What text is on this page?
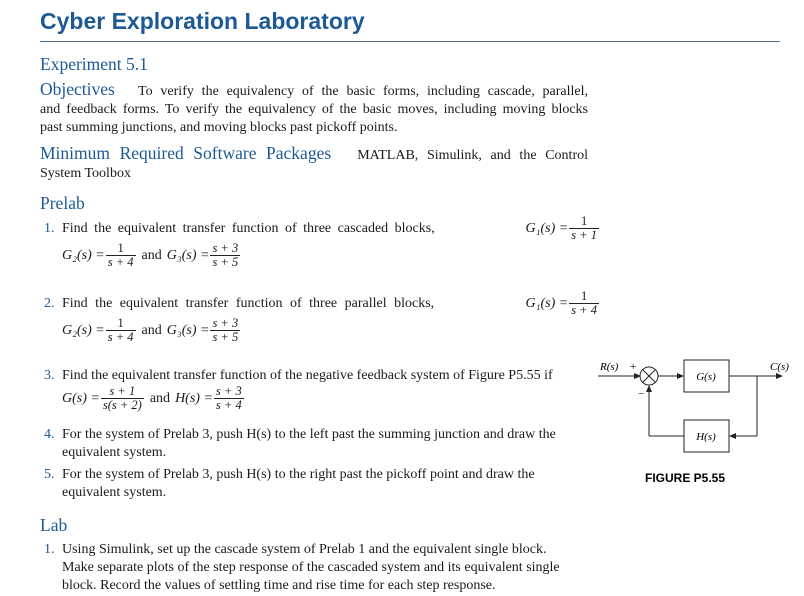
Cyber Exploration Laboratory
Experiment 5.1
Objectives To verify the equivalency of the basic forms, including cascade, parallel,
and feedback forms. To verify the equivalency of the basic moves, including moving blocks
past summing junctions, and moving blocks past pickoff points.
Minimum Required Software Packages MATLAB, Simulink, and the Control
System Toolbox
Prelab
1. Find the equivalent transfer function of three cascaded blocks,	$G_1(s) = \frac{1}{s + 1}$
$G_2(s) = \frac{1}{s + 4}$ and $G_3(s) = \frac{s + 3}{s + 5}$
2. Find the equivalent transfer function of three parallel blocks,	$G_1(s) = \frac{1}{s + 4}$
$G_2(s) = \frac{1}{s + 4}$ and $G_3(s) = \frac{s + 3}{s + 5}$
3. Find the equivalent transfer function of the negative feedback system of Figure P5.55 if
$G(s) = \frac{s + 1}{s(s + 2)}$ and $H(s) = \frac{s + 3}{s + 4}$
4. For the system of Prelab 3, push H(s) to the left past the summing junction and draw the
equivalent system.
5. For the system of Prelab 3, push H(s) to the right past the pickoff point and draw the
equivalent system.
Lab
1. Using Simulink, set up the cascade system of Prelab 1 and the equivalent single block.
Make separate plots of the step response of the cascaded system and its equivalent single
block. Record the values of settling time and rise time for each step response.
R(s) +
−
G(s)
H(s)
C(s)
FIGURE P5.55
